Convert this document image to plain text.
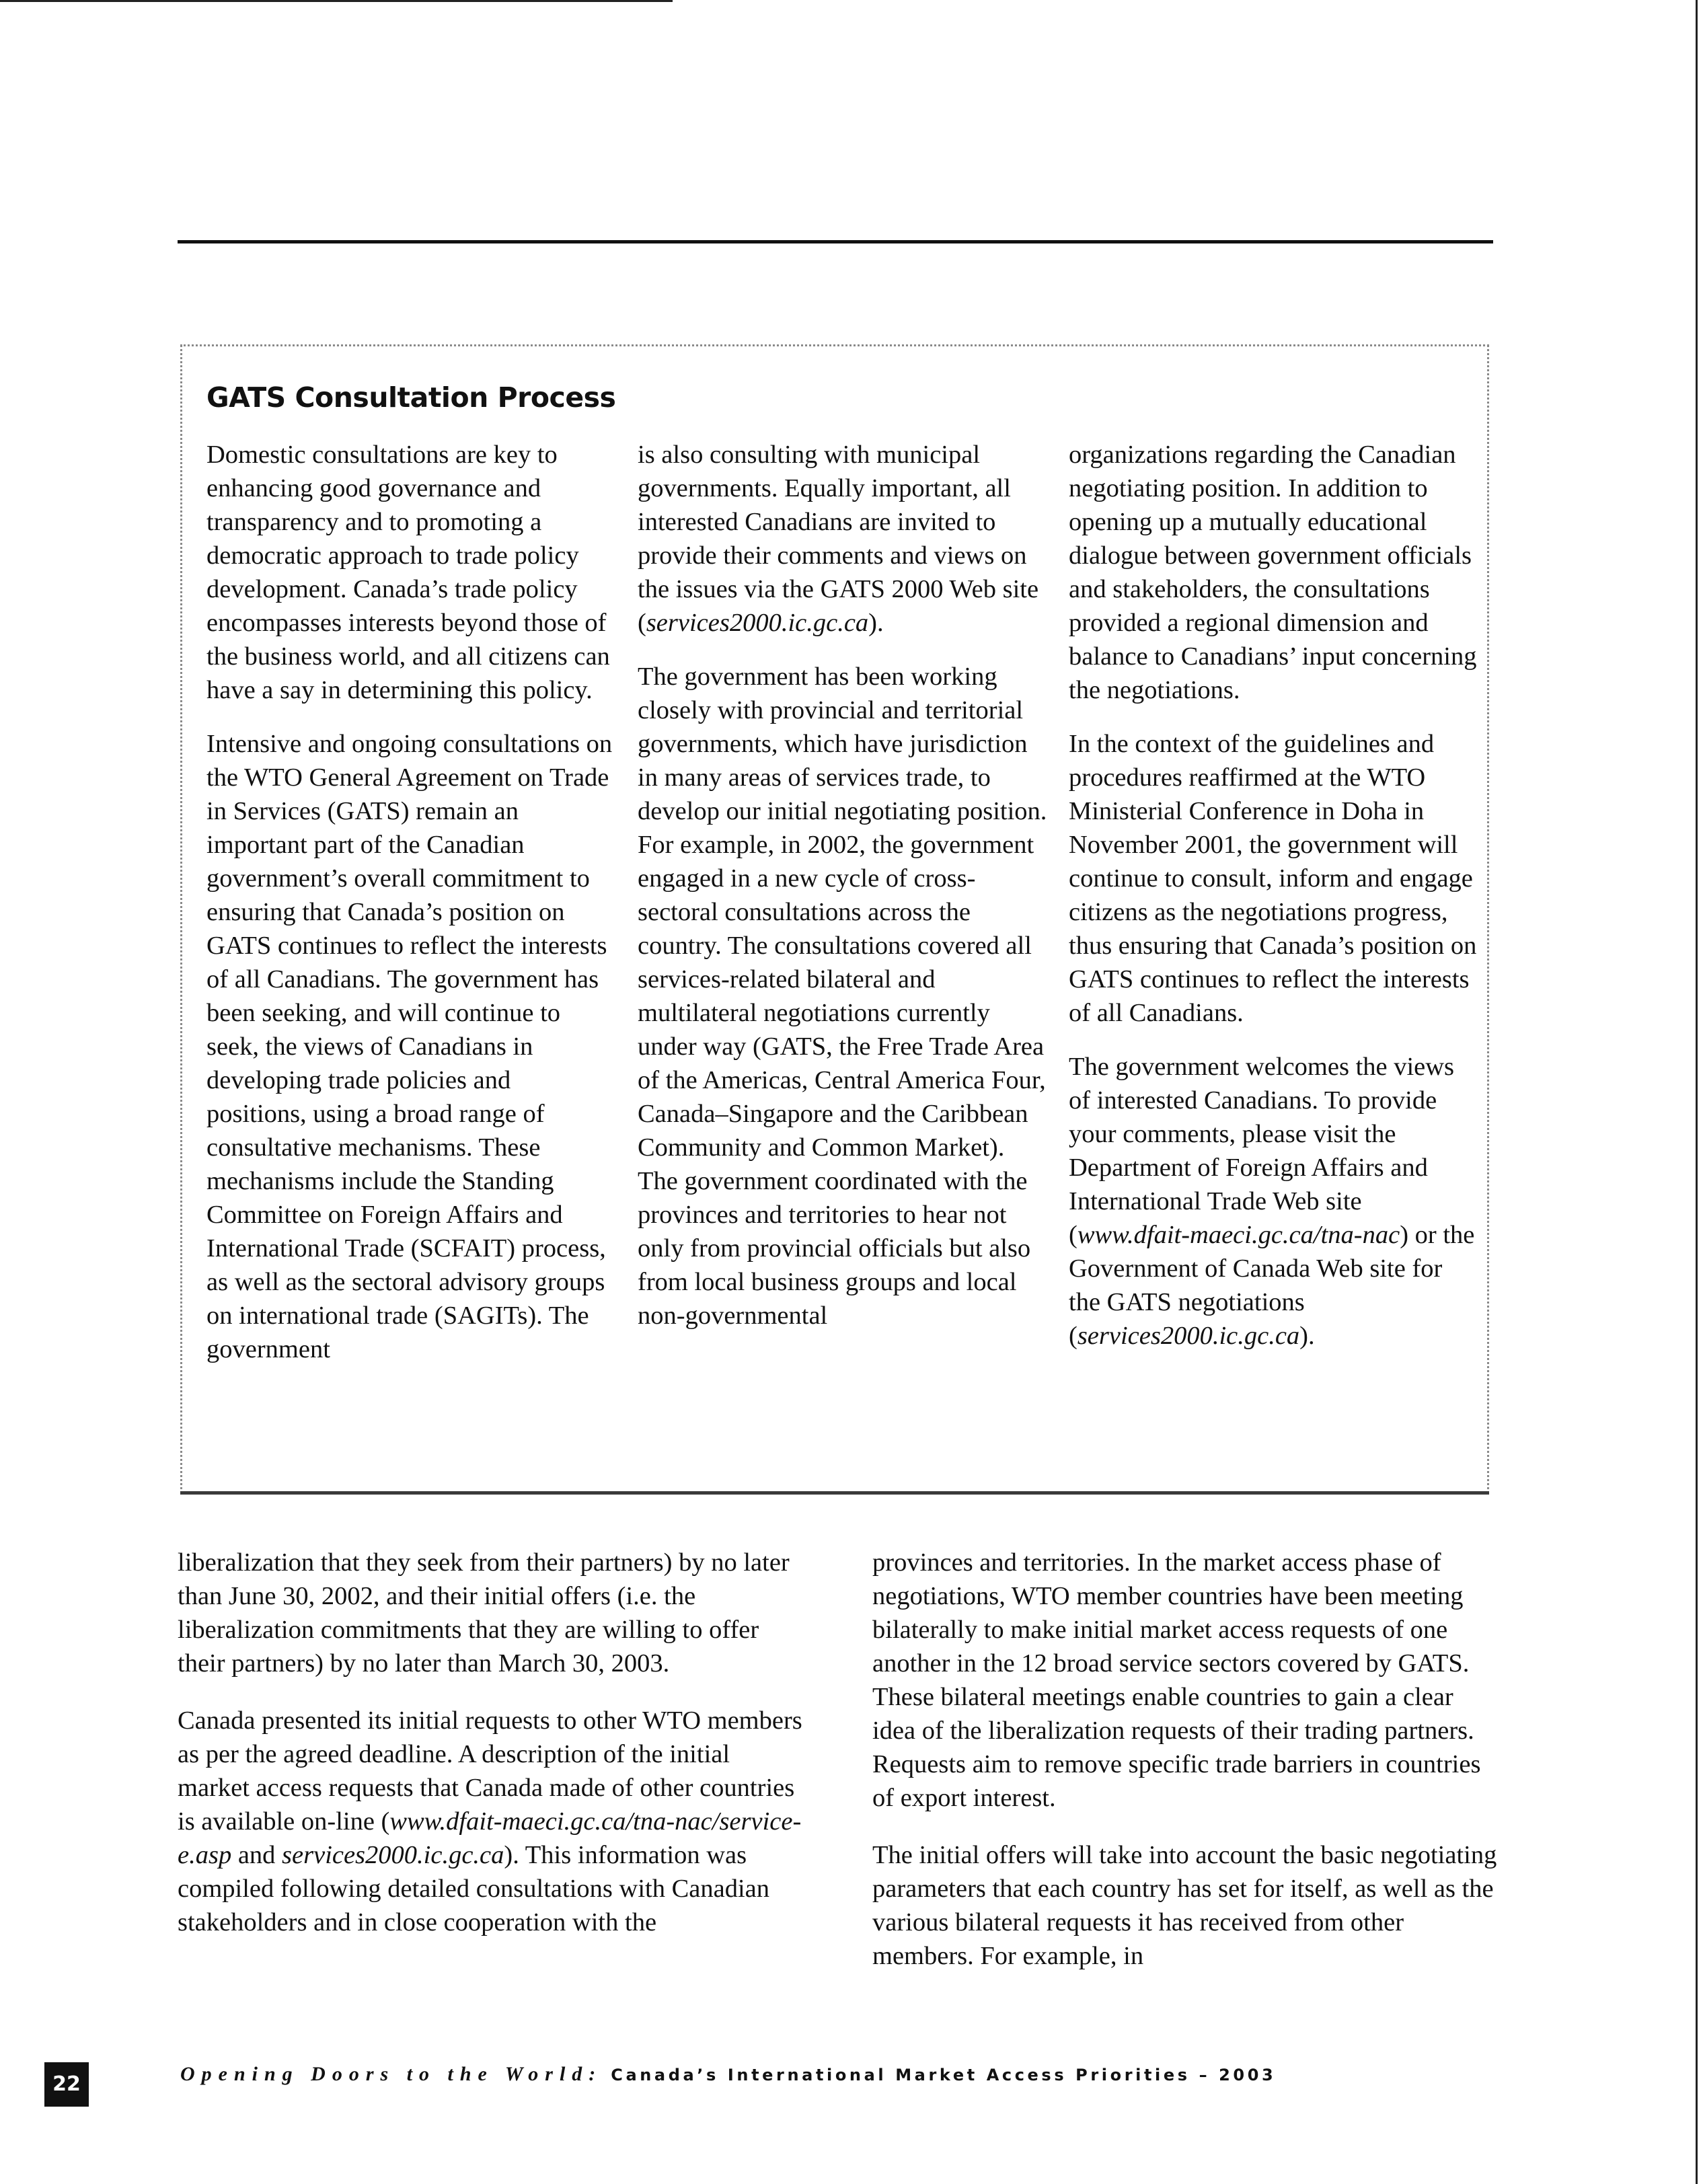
GATS Consultation Process

Domestic consultations are key to enhancing good governance and transparency and to promoting a democratic approach to trade policy development. Canada’s trade policy encompasses interests beyond those of the business world, and all citizens can have a say in determining this policy.

Intensive and ongoing consultations on the WTO General Agreement on Trade in Services (GATS) remain an important part of the Canadian government’s overall commitment to ensuring that Canada’s position on GATS continues to reflect the interests of all Canadians. The government has been seeking, and will continue to seek, the views of Canadians in developing trade policies and positions, using a broad range of consultative mechanisms. These mechanisms include the Standing Committee on Foreign Affairs and International Trade (SCFAIT) process, as well as the sectoral advisory groups on international trade (SAGITs). The government

is also consulting with municipal governments. Equally important, all interested Canadians are invited to provide their comments and views on the issues via the GATS 2000 Web site (services2000.ic.gc.ca).

The government has been working closely with provincial and territorial governments, which have jurisdiction in many areas of services trade, to develop our initial negotiating position. For example, in 2002, the government engaged in a new cycle of cross-sectoral consultations across the country. The consultations covered all services-related bilateral and multilateral negotiations currently under way (GATS, the Free Trade Area of the Americas, Central America Four, Canada–Singapore and the Caribbean Community and Common Market). The government coordinated with the provinces and territories to hear not only from provincial officials but also from local business groups and local non-governmental

organizations regarding the Canadian negotiating position. In addition to opening up a mutually educational dialogue between government officials and stakeholders, the consultations provided a regional dimension and balance to Canadians’ input concerning the negotiations.

In the context of the guidelines and procedures reaffirmed at the WTO Ministerial Conference in Doha in November 2001, the government will continue to consult, inform and engage citizens as the negotiations progress, thus ensuring that Canada’s position on GATS continues to reflect the interests of all Canadians.

The government welcomes the views of interested Canadians. To provide your comments, please visit the Department of Foreign Affairs and International Trade Web site (www.dfait-maeci.gc.ca/tna-nac) or the Government of Canada Web site for the GATS negotiations (services2000.ic.gc.ca).

liberalization that they seek from their partners) by no later than June 30, 2002, and their initial offers (i.e. the liberalization commitments that they are willing to offer their partners) by no later than March 30, 2003.

Canada presented its initial requests to other WTO members as per the agreed deadline. A description of the initial market access requests that Canada made of other countries is available on-line (www.dfait-maeci.gc.ca/tna-nac/service-e.asp and services2000.ic.gc.ca). This information was compiled following detailed consultations with Canadian stakeholders and in close cooperation with the

provinces and territories. In the market access phase of negotiations, WTO member countries have been meeting bilaterally to make initial market access requests of one another in the 12 broad service sectors covered by GATS. These bilateral meetings enable countries to gain a clear idea of the liberalization requests of their trading partners. Requests aim to remove specific trade barriers in countries of export interest.

The initial offers will take into account the basic negotiating parameters that each country has set for itself, as well as the various bilateral requests it has received from other members. For example, in

22	Opening Doors to the World: Canada’s International Market Access Priorities – 2003
